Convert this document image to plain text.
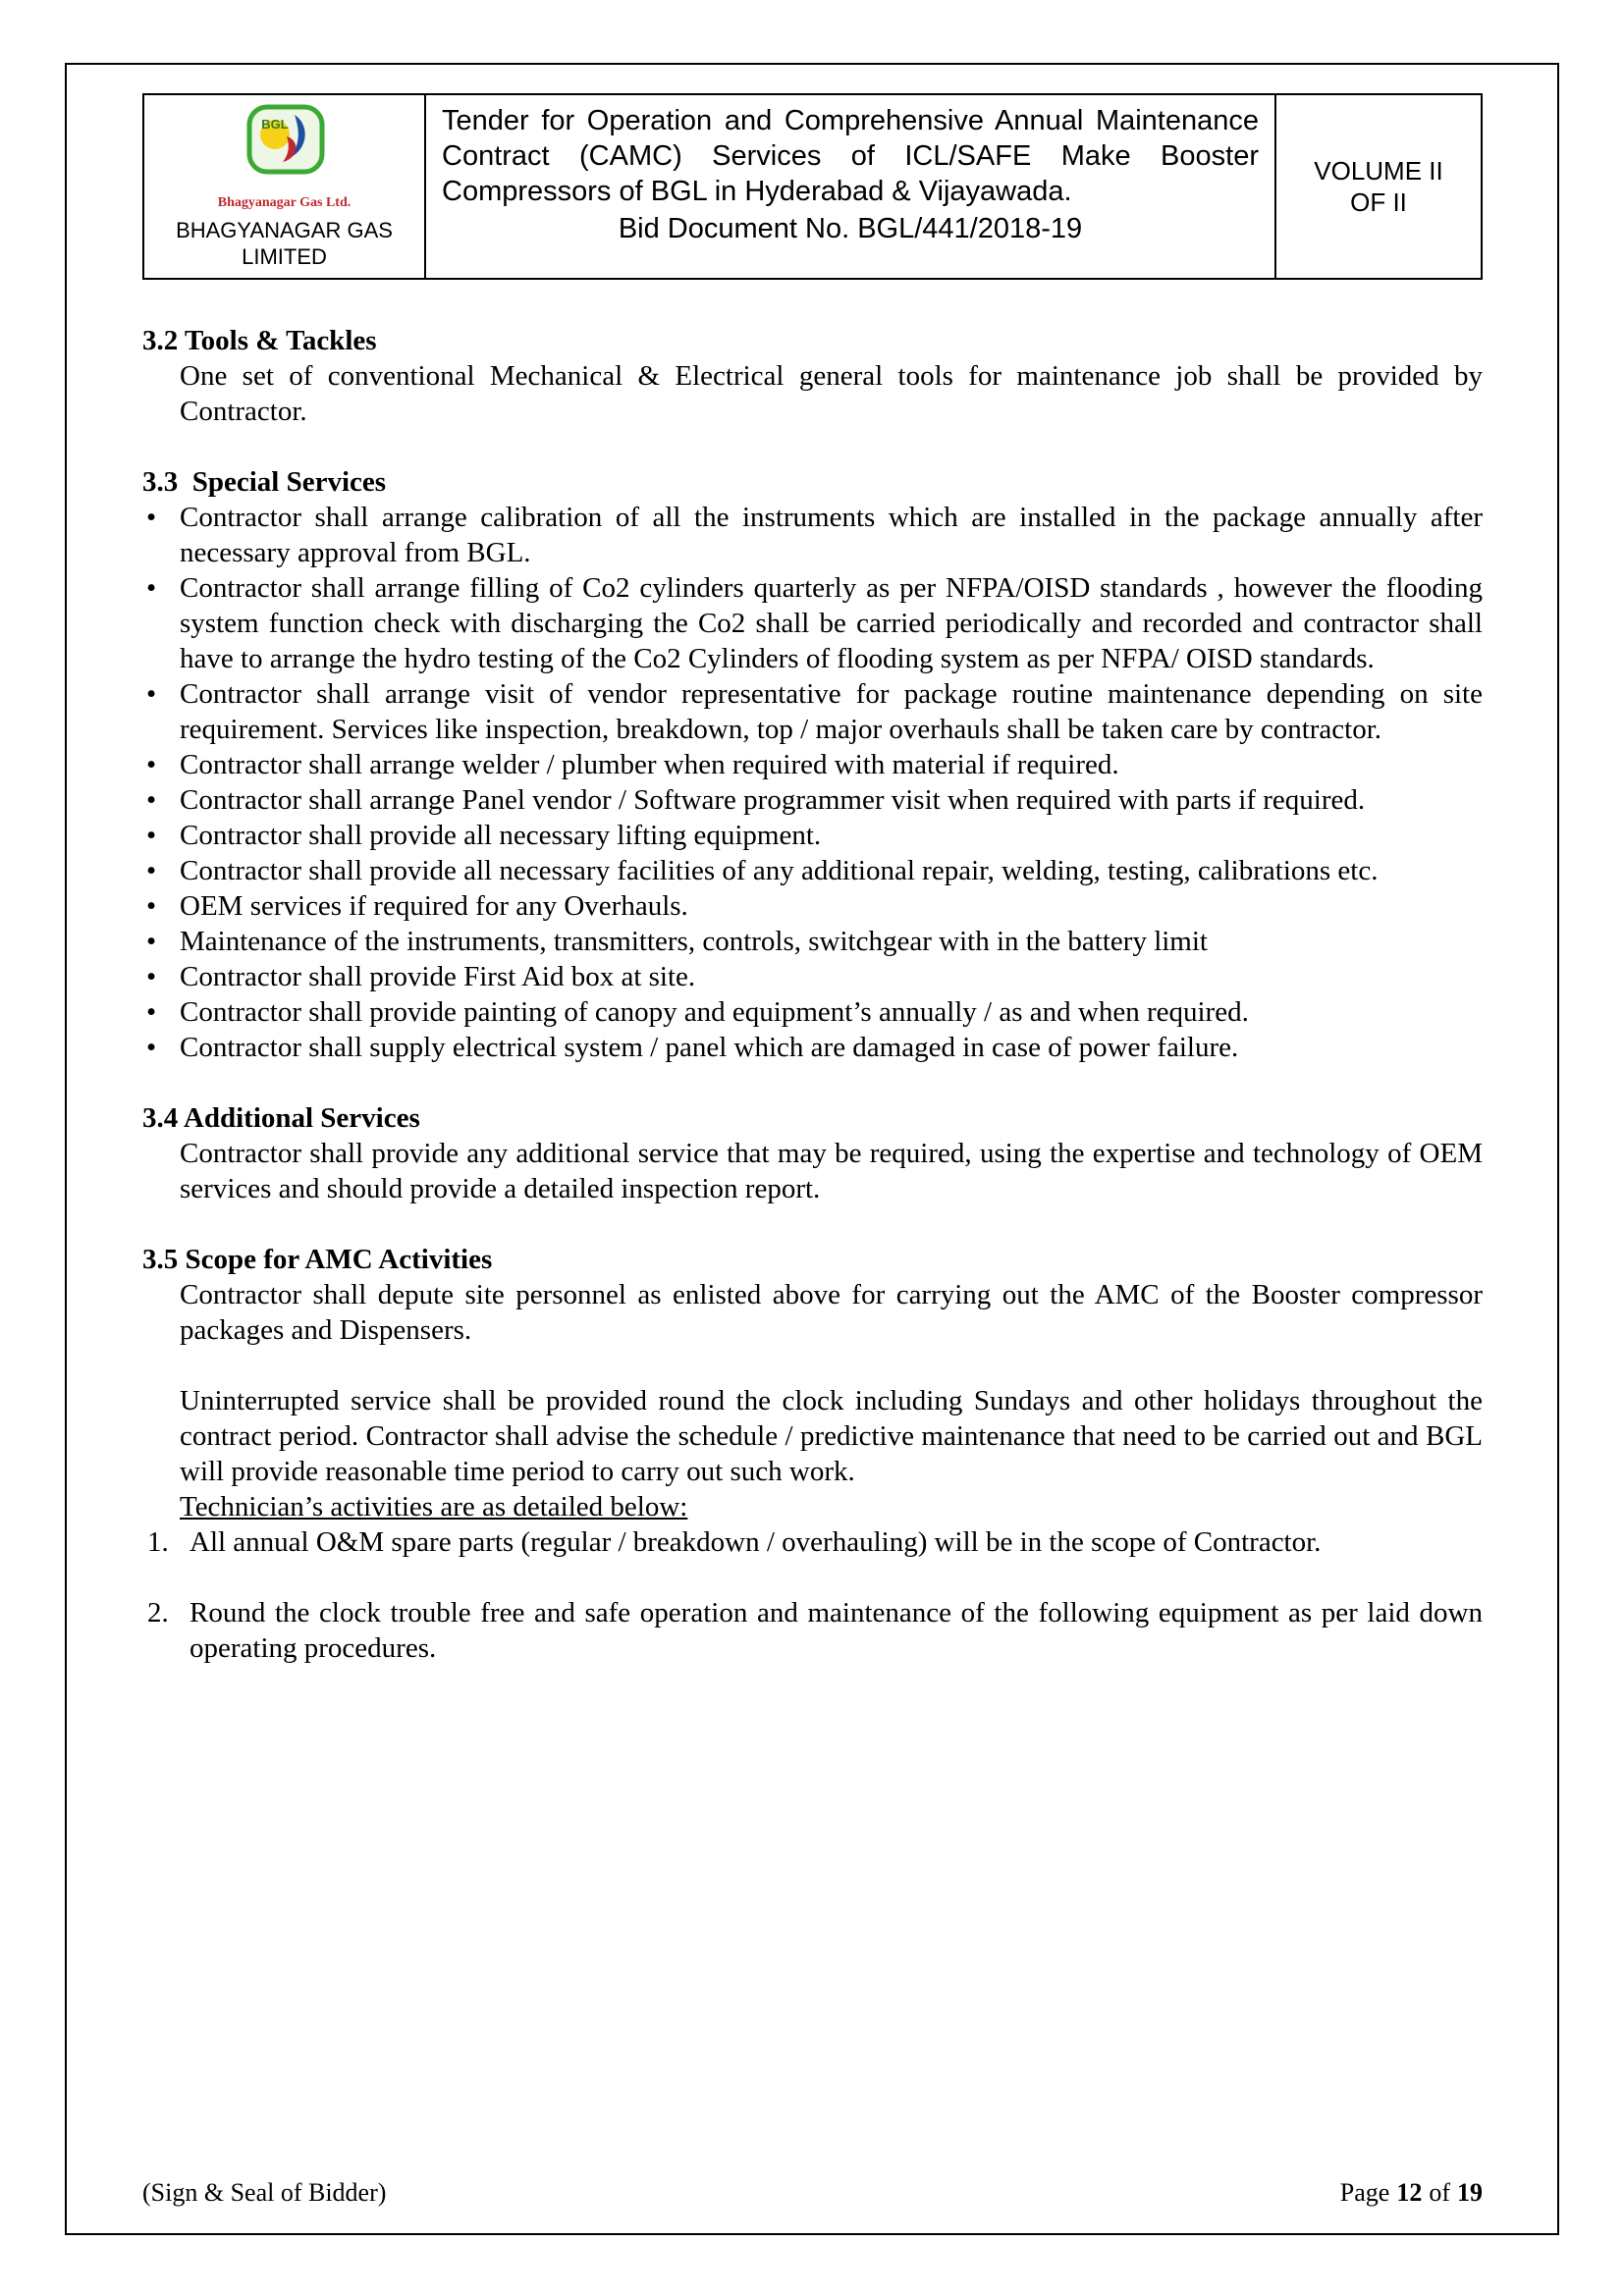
BGL
Bhagyanagar Gas Ltd.
BHAGYANAGAR GAS
LIMITED
Tender for Operation and Comprehensive Annual Maintenance Contract (CAMC) Services of ICL/SAFE Make Booster Compressors of BGL in Hyderabad & Vijayawada.
Bid Document No. BGL/441/2018-19
VOLUME II
OF II
3.2 Tools & Tackles
One set of conventional Mechanical & Electrical general tools for maintenance job shall be provided by Contractor.
3.3  Special Services
•
Contractor shall arrange calibration of all the instruments which are installed in the package annually after necessary approval from BGL.
•
Contractor shall arrange filling of Co2 cylinders quarterly as per NFPA/OISD standards , however the flooding system function check with discharging the Co2 shall be carried periodically and recorded and contractor shall have to arrange the hydro testing of the Co2 Cylinders of flooding system as per NFPA/ OISD standards.
•
Contractor shall arrange visit of vendor representative for package routine maintenance depending on site requirement. Services like inspection, breakdown, top / major overhauls shall be taken care by contractor.
•
Contractor shall arrange welder / plumber when required with material if required.
•
Contractor shall arrange Panel vendor / Software programmer visit when required with parts if required.
•
Contractor shall provide all necessary lifting equipment.
•
Contractor shall provide all necessary facilities of any additional repair, welding, testing, calibrations etc.
•
OEM services if required for any Overhauls.
•
Maintenance of the instruments, transmitters, controls, switchgear with in the battery limit
•
Contractor shall provide First Aid box at site.
•
Contractor shall provide painting of canopy and equipment’s annually / as and when required.
•
Contractor shall supply electrical system / panel which are damaged in case of power failure.
3.4 Additional Services
Contractor shall provide any additional service that may be required, using the expertise and technology of OEM services and should provide a detailed inspection report.
3.5 Scope for AMC Activities
Contractor shall depute site personnel as enlisted above for carrying out the AMC of the Booster compressor packages and Dispensers.
Uninterrupted service shall be provided round the clock including Sundays and other holidays throughout the contract period. Contractor shall advise the schedule / predictive maintenance that need to be carried out and BGL will provide reasonable time period to carry out such work.
Technician’s activities are as detailed below:
1. All annual O&M spare parts (regular / breakdown / overhauling) will be in the scope of Contractor.
2. Round the clock trouble free and safe operation and maintenance of the following equipment as per laid down operating procedures.
(Sign & Seal of Bidder)	Page 12 of 19
